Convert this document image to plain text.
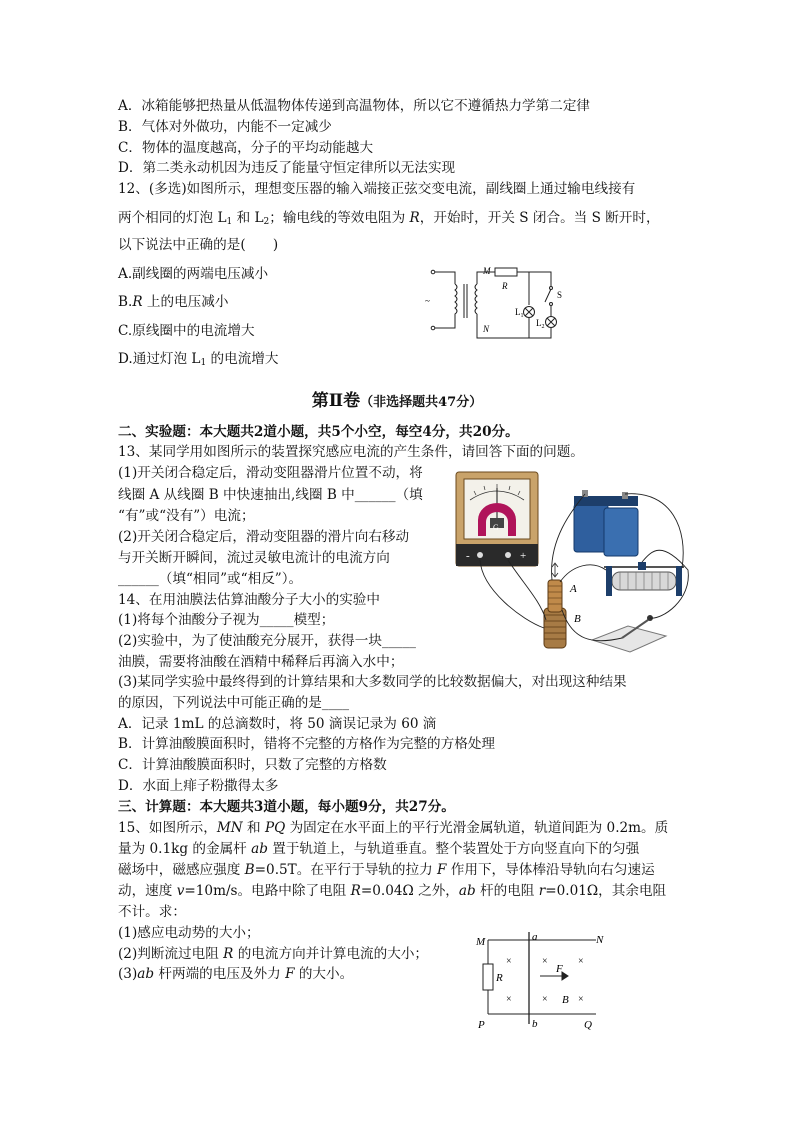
A．冰箱能够把热量从低温物体传递到高温物体，所以它不遵循热力学第二定律
B．气体对外做功，内能不一定减少
C．物体的温度越高，分子的平均动能越大
D．第二类永动机因为违反了能量守恒定律所以无法实现
12、(多选)如图所示，理想变压器的输入端接正弦交变电流，副线圈上通过输电线接有
两个相同的灯泡 $L_1$ 和 $L_2$；输电线的等效电阻为 R，开始时，开关 S 闭合。当 S 断开时，
以下说法中正确的是(　　)
A.副线圈的两端电压减小
B.R 上的电压减小
C.原线圈中的电流增大
D.通过灯泡 $L_1$ 的电流增大
~
M
N
R
S
$L_1$
$L_2$
第Ⅱ卷（非选择题共47分）
二、实验题：本大题共2道小题，共5个小空，每空4分，共20分。
13、某同学用如图所示的装置探究感应电流的产生条件，请回答下面的问题。
(1)开关闭合稳定后，滑动变阻器滑片位置不动，将
线圈 A 从线圈 B 中快速抽出,线圈 B 中______（填
“有”或“没有”）电流；
(2)开关闭合稳定后，滑动变阻器的滑片向右移动
与开关断开瞬间，流过灵敏电流计的电流方向
______（填“相同”或“相反”）。
G
-	+
A
B
14、在用油膜法估算油酸分子大小的实验中
(1)将每个油酸分子视为_____模型；
(2)实验中，为了使油酸充分展开，获得一块_____
油膜，需要将油酸在酒精中稀释后再滴入水中；
(3)某同学实验中最终得到的计算结果和大多数同学的比较数据偏大，对出现这种结果
的原因，下列说法中可能正确的是____
A．记录 1mL 的总滴数时，将 50 滴误记录为 60 滴
B．计算油酸膜面积时，错将不完整的方格作为完整的方格处理
C．计算油酸膜面积时，只数了完整的方格数
D．水面上痱子粉撒得太多
三、计算题：本大题共3道小题，每小题9分，共27分。
15、如图所示，MN 和 PQ 为固定在水平面上的平行光滑金属轨道，轨道间距为 0.2m。质
量为 0.1kg 的金属杆 ab 置于轨道上，与轨道垂直。整个装置处于方向竖直向下的匀强
磁场中，磁感应强度 B=0.5T。在平行于导轨的拉力 F 作用下，导体棒沿导轨向右匀速运
动，速度 v=10m/s。电路中除了电阻 R=0.04Ω 之外，ab 杆的电阻 r=0.01Ω，其余电阻
不计。求：
(1)感应电动势的大小；
(2)判断流过电阻 R 的电流方向并计算电流的大小；
(3)ab 杆两端的电压及外力 F 的大小。
M	N
P	Q
a
b
R
F
B
×	×	×
×	×	×
